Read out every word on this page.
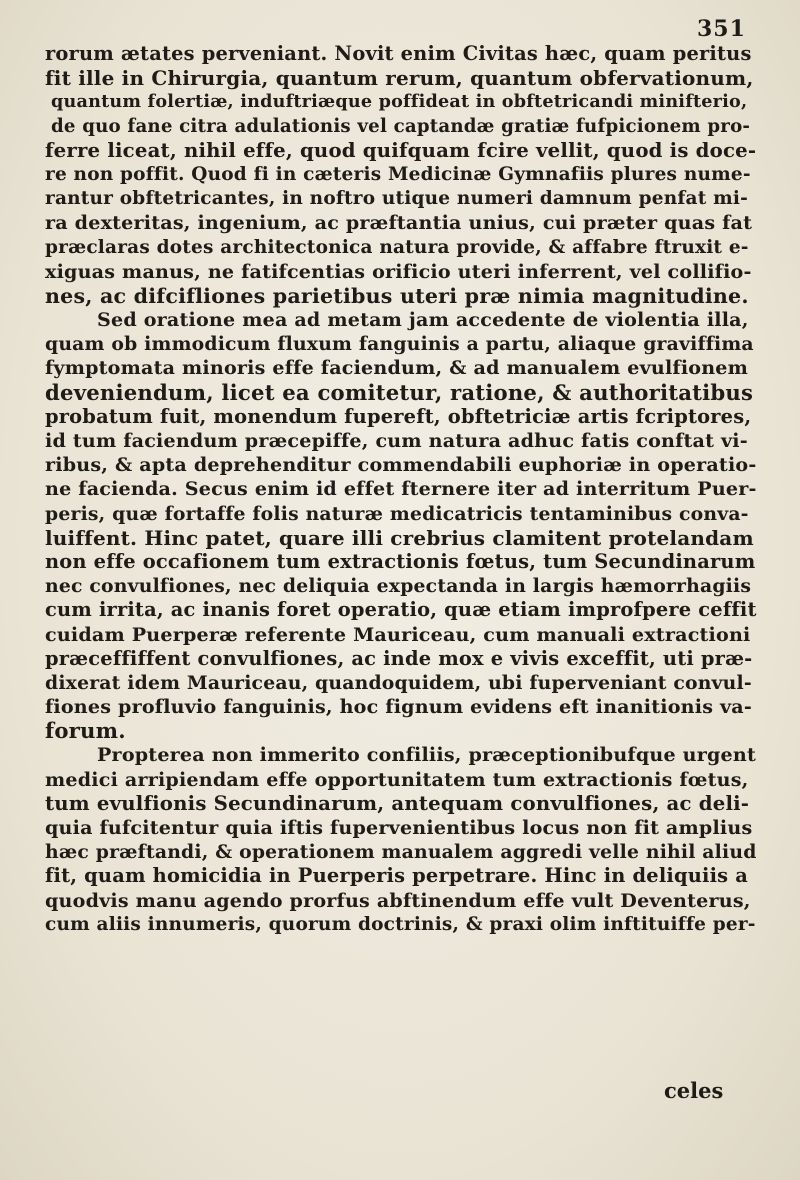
351
rorum ætates perveniant. Novit enim Civitas hæc, quam peritus
fit ille in Chirurgia, quantum rerum, quantum obfervationum,
quantum folertiæ, induftriæque poffideat in obftetricandi minifterio,
de quo fane citra adulationis vel captandæ gratiæ fufpicionem pro-
ferre liceat, nihil effe, quod quifquam fcire vellit, quod is doce-
re non poffit. Quod fi in cæteris Medicinæ Gymnafiis plures nume-
rantur obftetricantes, in noftro utique numeri damnum penfat mi-
ra dexteritas, ingenium, ac præftantia unius, cui præter quas fat
præclaras dotes architectonica natura provide, & affabre ftruxit e-
xiguas manus, ne fatifcentias orificio uteri inferrent, vel collifio-
nes, ac difcifliones parietibus uteri præ nimia magnitudine.
Sed oratione mea ad metam jam accedente de violentia illa,
quam ob immodicum fluxum fanguinis a partu, aliaque graviffima
fymptomata minoris effe faciendum, & ad manualem evulfionem
deveniendum, licet ea comitetur, ratione, & authoritatibus
probatum fuit, monendum fupereft, obftetriciæ artis fcriptores,
id tum faciendum præcepiffe, cum natura adhuc fatis conftat vi-
ribus, & apta deprehenditur commendabili euphoriæ in operatio-
ne facienda. Secus enim id effet fternere iter ad interritum Puer-
peris, quæ fortaffe folis naturæ medicatricis tentaminibus conva-
luiffent. Hinc patet, quare illi crebrius clamitent protelandam
non effe occafionem tum extractionis fœtus, tum Secundinarum
nec convulfiones, nec deliquia expectanda in largis hæmorrhagiis
cum irrita, ac inanis foret operatio, quæ etiam improfpere ceffit
cuidam Puerperæ referente Mauriceau, cum manuali extractioni
præceffiffent convulfiones, ac inde mox e vivis exceffit, uti præ-
dixerat idem Mauriceau, quandoquidem, ubi fuperveniant convul-
fiones profluvio fanguinis, hoc fignum evidens eft inanitionis va-
forum.
Propterea non immerito confiliis, præceptionibufque urgent
medici arripiendam effe opportunitatem tum extractionis fœtus,
tum evulfionis Secundinarum, antequam convulfiones, ac deli-
quia fufcitentur quia iftis fupervenientibus locus non fit amplius
hæc præftandi, & operationem manualem aggredi velle nihil aliud
fit, quam homicidia in Puerperis perpetrare. Hinc in deliquiis a
quodvis manu agendo prorfus abftinendum effe vult Deventerus,
cum aliis innumeris, quorum doctrinis, & praxi olim inftituiffe per-
celes
